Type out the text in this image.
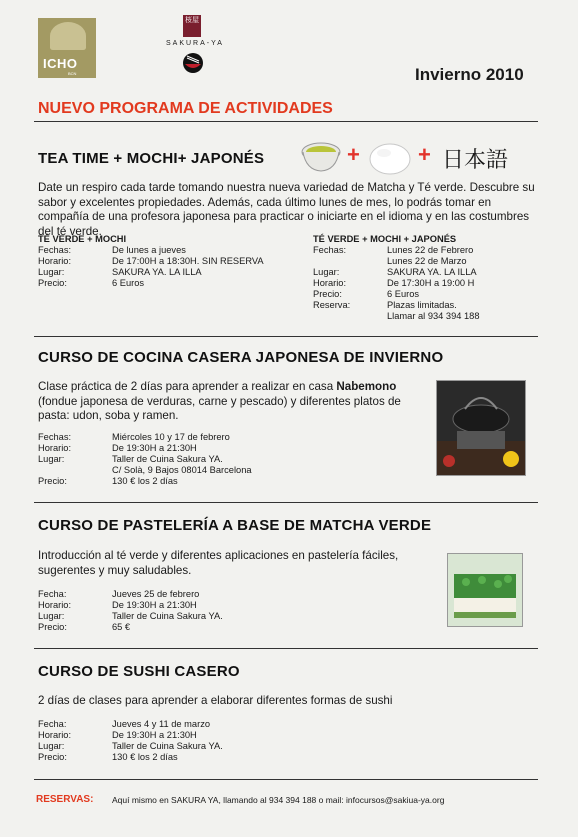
ICHO
BCN
桜屋
SAKURA-YA
Invierno 2010
NUEVO PROGRAMA DE ACTIVIDADES
TEA TIME + MOCHI+ JAPONÉS	+	+ 日本語
Date un respiro cada tarde tomando nuestra nueva variedad de Matcha y Té verde. Descubre su sabor y excelentes propiedades. Además, cada último lunes de mes, lo podrás tomar en compañía de una profesora japonesa para practicar o iniciarte en el idioma y en las costumbres del té verde.
TÉ VERDE + MOCHI
Fechas:	De lunes a jueves
Horario:	De 17:00H a 18:30H. SIN RESERVA
Lugar:	SAKURA YA. LA ILLA
Precio:	6 Euros
TÉ VERDE + MOCHI + JAPONÉS
Fechas:	Lunes 22 de Febrero
Lunes 22 de Marzo
Lugar:	SAKURA YA. LA ILLA
Horario:	De 17:30H a 19:00 H
Precio:	6 Euros
Reserva:	Plazas limitadas.
Llamar al 934 394 188
CURSO DE COCINA CASERA JAPONESA DE INVIERNO
Clase práctica de 2 días para aprender a realizar en casa Nabemono (fondue japonesa de verduras, carne y pescado) y diferentes platos de pasta: udon, soba y ramen.
Fechas:	Miércoles 10 y 17 de febrero
Horario:	De 19:30H a 21:30H
Lugar:	Taller de Cuina Sakura YA.
C/ Solà, 9 Bajos 08014 Barcelona
Precio:	130 € los 2 días
CURSO DE PASTELERÍA A BASE DE MATCHA VERDE
Introducción al té verde y diferentes aplicaciones en pastelería fáciles, sugerentes y muy saludables.
Fecha:	Jueves 25 de febrero
Horario:	De 19:30H a 21:30H
Lugar:	Taller de Cuina Sakura YA.
Precio:	65 €
CURSO DE SUSHI CASERO
2 días de clases para aprender a elaborar diferentes formas de sushi
Fecha:	Jueves 4 y 11 de marzo
Horario:	De 19:30H a 21:30H
Lugar:	Taller de Cuina Sakura YA.
Precio:	130 € los 2 días
RESERVAS: Aquí mismo en SAKURA YA, llamando al 934 394 188 o mail: infocursos@sakiua-ya.org
